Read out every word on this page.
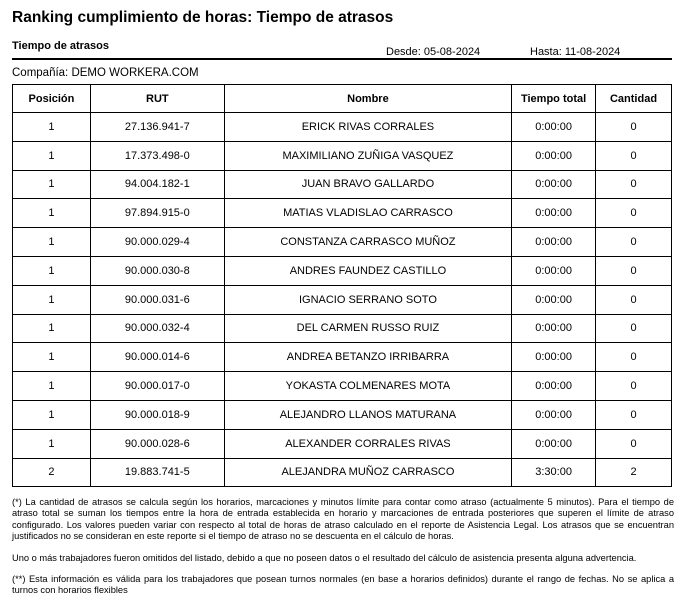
Ranking cumplimiento de horas: Tiempo de atrasos
Tiempo de atrasos	Desde: 05-08-2024	Hasta: 11-08-2024
Compañía: DEMO WORKERA.COM
Posición	RUT	Nombre	Tiempo total	Cantidad
1	27.136.941-7	ERICK RIVAS CORRALES	0:00:00	0
1	17.373.498-0	MAXIMILIANO ZUÑIGA VASQUEZ	0:00:00	0
1	94.004.182-1	JUAN BRAVO GALLARDO	0:00:00	0
1	97.894.915-0	MATIAS VLADISLAO CARRASCO	0:00:00	0
1	90.000.029-4	CONSTANZA CARRASCO MUÑOZ	0:00:00	0
1	90.000.030-8	ANDRES FAUNDEZ CASTILLO	0:00:00	0
1	90.000.031-6	IGNACIO SERRANO SOTO	0:00:00	0
1	90.000.032-4	DEL CARMEN RUSSO RUIZ	0:00:00	0
1	90.000.014-6	ANDREA BETANZO IRRIBARRA	0:00:00	0
1	90.000.017-0	YOKASTA COLMENARES MOTA	0:00:00	0
1	90.000.018-9	ALEJANDRO LLANOS MATURANA	0:00:00	0
1	90.000.028-6	ALEXANDER CORRALES RIVAS	0:00:00	0
2	19.883.741-5	ALEJANDRA MUÑOZ CARRASCO	3:30:00	2

(*) La cantidad de atrasos se calcula según los horarios, marcaciones y minutos límite para contar como atraso (actualmente 5 minutos). Para el tiempo de atraso total se suman los tiempos entre la hora de entrada establecida en horario y marcaciones de entrada posteriores que superen el límite de atraso configurado. Los valores pueden variar con respecto al total de horas de atraso calculado en el reporte de Asistencia Legal. Los atrasos que se encuentran justificados no se consideran en este reporte si el tiempo de atraso no se descuenta en el cálculo de horas.

Uno o más trabajadores fueron omitidos del listado, debido a que no poseen datos o el resultado del cálculo de asistencia presenta alguna advertencia.

(**) Esta información es válida para los trabajadores que posean turnos normales (en base a horarios definidos) durante el rango de fechas. No se aplica a turnos con horarios flexibles
